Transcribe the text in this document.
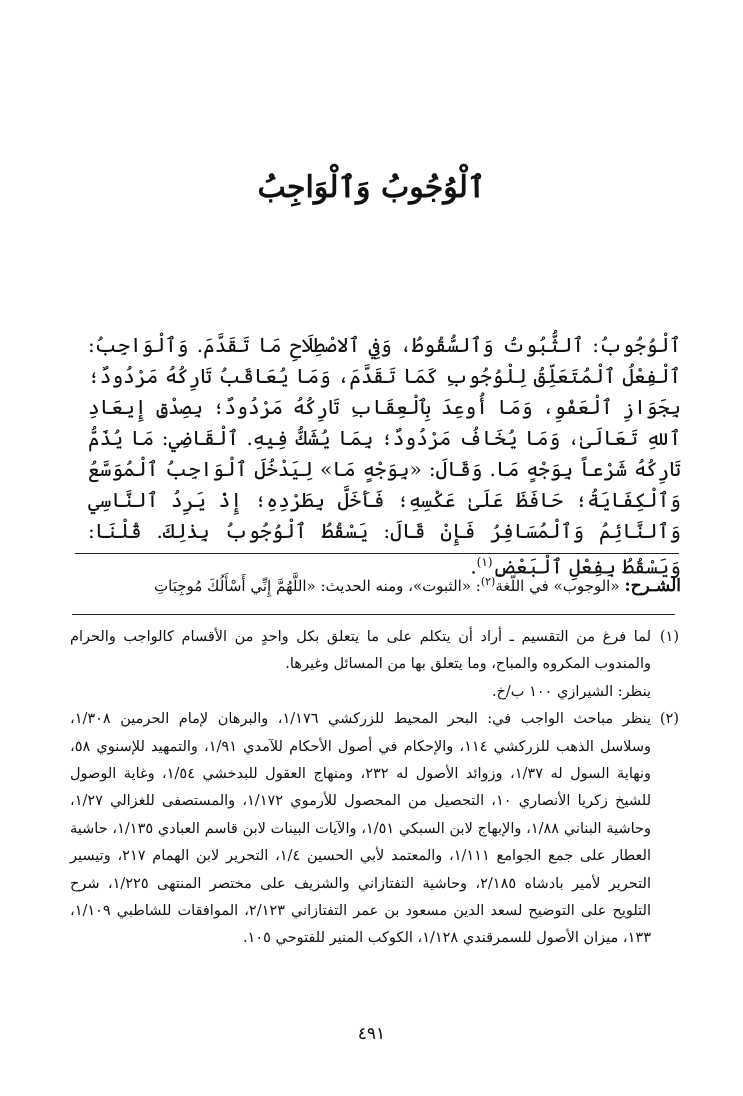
ٱلْوُجُوبُ وَٱلْوَاجِبُ

ٱلْوُجُوبُ: ٱلثُّبُوتُ وَٱلسُّقُوطُ، وَفِي ٱلاصْطِلَاحِ مَا تَقَدَّمَ. وَٱلْوَاجِبُ: ٱلْفِعْلُ ٱلْمُتَعَلِّقُ لِلْوُجُوبِ كَمَا تَقَدَّمَ، وَمَا يُعَاقَبُ تَارِكُهُ مَرْدُودٌ؛ بِجَوَازِ ٱلْعَفْوِ، وَمَا أُوعِدَ بِٱلْعِقَابِ تَارِكُهُ مَرْدُودٌ؛ بِصِدْقِ إِيعَادِ ٱللهِ تَعَالَىٰ، وَمَا يُخَافُ مَرْدُودٌ؛ بِمَا يُشَكُّ فِيهِ. ٱلْقَاضِي: مَا يُذَمُّ تَارِكُهُ شَرْعاً بِوَجْهٍ مَا. وَقَالَ: «بِوَجْهٍ مَا» لِيَدْخُلَ ٱلْوَاجِبُ ٱلْمُوَسَّعُ وَٱلْكِفَايَةُ؛ حَافَظَ عَلَىٰ عَكْسِهِ؛ فَأَخَلَّ بِطَرْدِهِ؛ إِذْ يَرِدُ ٱلنَّاسِي وَٱلنَّائِمُ وَٱلْمُسَافِرُ فَإِنْ قَالَ: يَسْقُطُ ٱلْوُجُوبُ بِذٰلِكَ. قُلْنَا: وَيَسْقُطُ بِفِعْلِ ٱلْبَعْضِ$^{(١)}$.

الشـرح: «الوجوب» في اللّغة$^{(٢)}$: «الثبوت»، ومنه الحديث: «اللَّهُمَّ إِنِّي أَسْأَلُكَ مُوجِبَاتِ
(١)

لما فرغ من التقسيم ـ أراد أن يتكلم على ما يتعلق بكل واحدٍ من الأقسام كالواجب والحرام والمندوب المكروه والمباح، وما يتعلق بها من المسائل وغيرها.

ينظر: الشيرازي ١٠٠ ب/خ.

(٢)

ينظر مباحث الواجب في: البحر المحيط للزركشي ١/١٧٦، والبرهان لإمام الحرمين ١/٣٠٨، وسلاسل الذهب للزركشي ١١٤، والإحكام في أصول الأحكام للآمدي ١/٩١، والتمهيد للإسنوي ٥٨، ونهاية السول له ١/٣٧، وزوائد الأصول له ٢٣٢، ومنهاج العقول للبدخشي ١/٥٤، وغاية الوصول للشيخ زكريا الأنصاري ١٠، التحصيل من المحصول للأرموي ١/١٧٢، والمستصفى للغزالي ١/٢٧، وحاشية البناني ١/٨٨، والإبهاج لابن السبكي ١/٥١، والآيات البينات لابن قاسم العبادي ١/١٣٥، حاشية العطار على جمع الجوامع ١/١١١، والمعتمد لأبي الحسين ١/٤، التحرير لابن الهمام ٢١٧، وتيسير التحرير لأمير بادشاه ٢/١٨٥، وحاشية التفتازاني والشريف على مختصر المنتهى ١/٢٢٥، شرح التلويح على التوضيح لسعد الدين مسعود بن عمر التفتازاني ٢/١٢٣، الموافقات للشاطبي ١/١٠٩، ١٣٣، ميزان الأصول للسمرقندي ١/١٢٨، الكوكب المنير للفتوحي ١٠٥.

٤٩١
